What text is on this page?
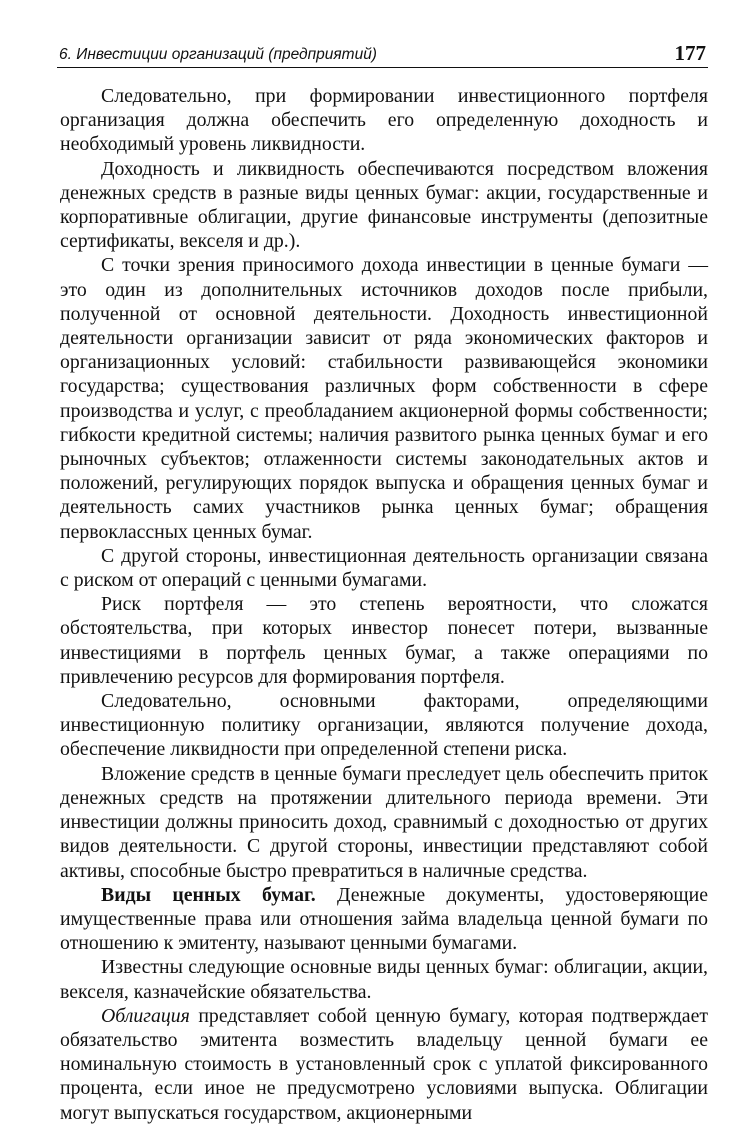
6. Инвестиции организаций (предприятий)	177

Следовательно, при формировании инвестиционного портфеля организация должна обеспечить его определенную доходность и необходимый уровень ликвидности.

Доходность и ликвидность обеспечиваются посредством вложения денежных средств в разные виды ценных бумаг: акции, государственные и корпоративные облигации, другие финансовые инструменты (депозитные сертификаты, векселя и др.).

С точки зрения приносимого дохода инвестиции в ценные бумаги — это один из дополнительных источников доходов после прибыли, полученной от основной деятельности. Доходность инвестиционной деятельности организации зависит от ряда экономических факторов и организационных условий: стабильности развивающейся экономики государства; существования различных форм собственности в сфере производства и услуг, с преобладанием акционерной формы собственности; гибкости кредитной системы; наличия развитого рынка ценных бумаг и его рыночных субъектов; отлаженности системы законодательных актов и положений, регулирующих порядок выпуска и обращения ценных бумаг и деятельность самих участников рынка ценных бумаг; обращения первоклассных ценных бумаг.

С другой стороны, инвестиционная деятельность организации связана с риском от операций с ценными бумагами.

Риск портфеля — это степень вероятности, что сложатся обстоятельства, при которых инвестор понесет потери, вызванные инвестициями в портфель ценных бумаг, а также операциями по привлечению ресурсов для формирования портфеля.

Следовательно, основными факторами, определяющими инвестиционную политику организации, являются получение дохода, обеспечение ликвидности при определенной степени риска.

Вложение средств в ценные бумаги преследует цель обеспечить приток денежных средств на протяжении длительного периода времени. Эти инвестиции должны приносить доход, сравнимый с доходностью от других видов деятельности. С другой стороны, инвестиции представляют собой активы, способные быстро превратиться в наличные средства.

Виды ценных бумаг. Денежные документы, удостоверяющие имущественные права или отношения займа владельца ценной бумаги по отношению к эмитенту, называют ценными бумагами.

Известны следующие основные виды ценных бумаг: облигации, акции, векселя, казначейские обязательства.

Облигация представляет собой ценную бумагу, которая подтверждает обязательство эмитента возместить владельцу ценной бумаги ее номинальную стоимость в установленный срок с уплатой фиксированного процента, если иное не предусмотрено условиями выпуска. Облигации могут выпускаться государством, акционерными
